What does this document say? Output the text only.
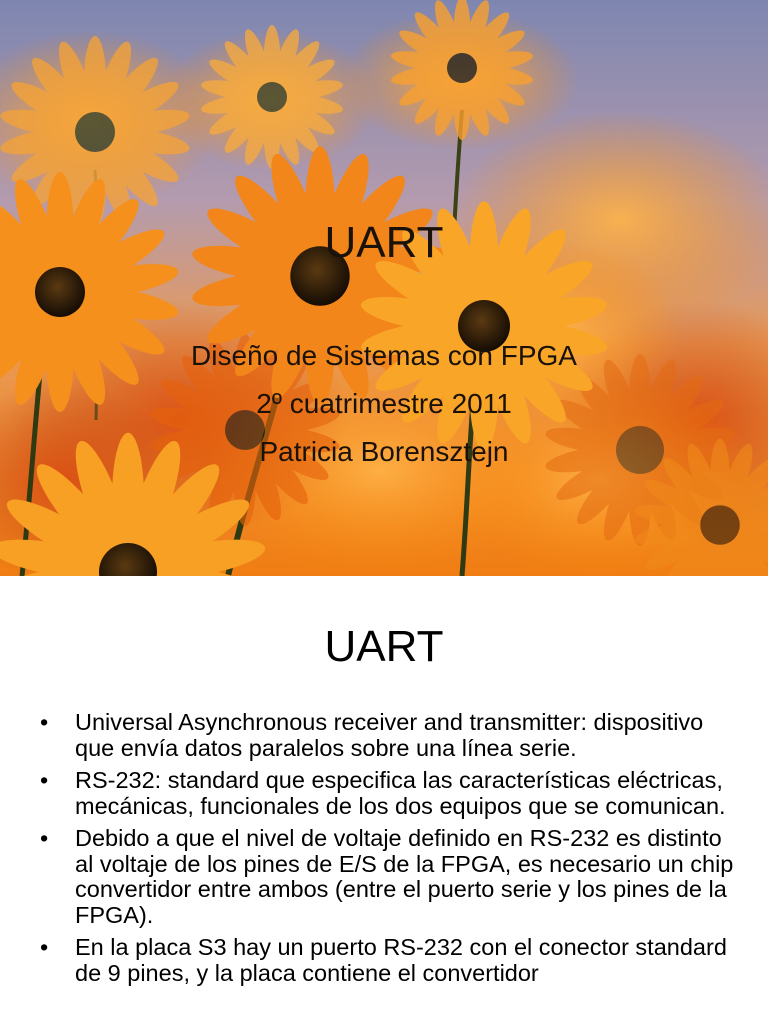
UART
Diseño de Sistemas con FPGA
2º cuatrimestre 2011
Patricia Borensztejn
UART
• Universal Asynchronous receiver and transmitter: dispositivo que envía datos paralelos sobre una línea serie.
• RS-232: standard que especifica las características eléctricas, mecánicas, funcionales de los dos equipos que se comunican.
• Debido a que el nivel de voltaje definido en RS-232 es distinto al voltaje de los pines de E/S de la FPGA, es necesario un chip convertidor entre ambos (entre el puerto serie y los pines de la FPGA).
• En la placa S3 hay un puerto RS-232 con el conector standard de 9 pines, y la placa contiene el convertidor
